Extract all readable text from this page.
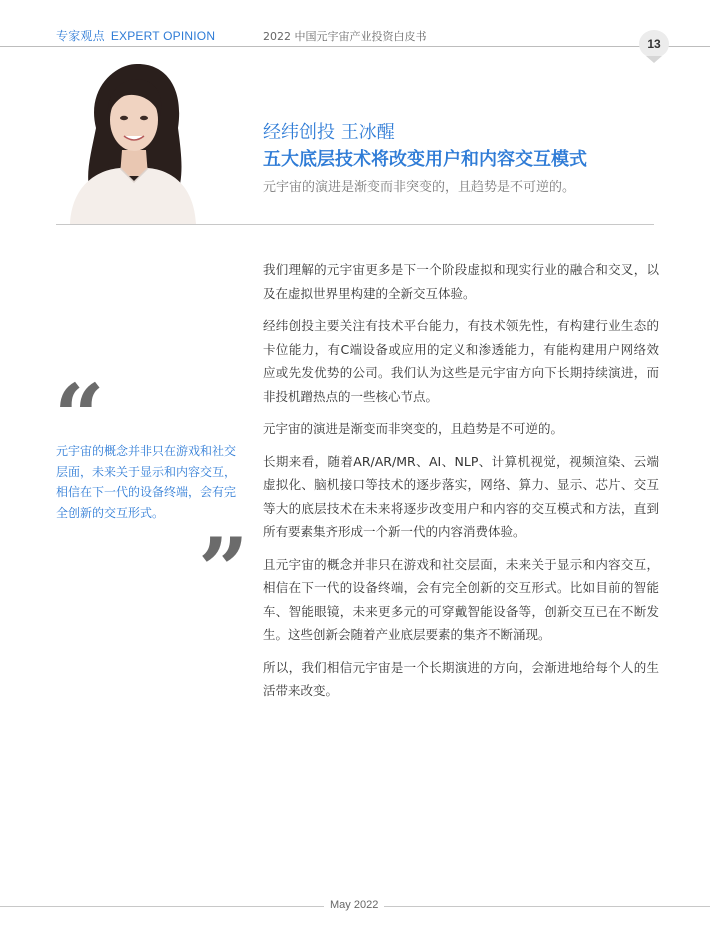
专家观点 EXPERT OPINION	2022 中国元宇宙产业投资白皮书
13
经纬创投 王冰醒
五大底层技术将改变用户和内容交互模式
元宇宙的演进是渐变而非突变的，且趋势是不可逆的。

我们理解的元宇宙更多是下一个阶段虚拟和现实行业的融合和交叉，以及在虚拟世界里构建的全新交互体验。

经纬创投主要关注有技术平台能力，有技术领先性，有构建行业生态的卡位能力，有C端设备或应用的定义和渗透能力，有能构建用户网络效应或先发优势的公司。我们认为这些是元宇宙方向下长期持续演进，而非投机蹭热点的一些核心节点。

元宇宙的演进是渐变而非突变的，且趋势是不可逆的。

长期来看，随着AR/AR/MR、AI、NLP、计算机视觉，视频渲染、云端虚拟化、脑机接口等技术的逐步落实，网络、算力、显示、芯片、交互等大的底层技术在未来将逐步改变用户和内容的交互模式和方法，直到所有要素集齐形成一个新一代的内容消费体验。

且元宇宙的概念并非只在游戏和社交层面，未来关于显示和内容交互，相信在下一代的设备终端，会有完全创新的交互形式。比如目前的智能车、智能眼镜，未来更多元的可穿戴智能设备等，创新交互已在不断发生。这些创新会随着产业底层要素的集齐不断涌现。

所以，我们相信元宇宙是一个长期演进的方向，会渐进地给每个人的生活带来改变。

“
元宇宙的概念并非只在游戏和社交层面，未来关于显示和内容交互，相信在下一代的设备终端，会有完全创新的交互形式。
”
May 2022
